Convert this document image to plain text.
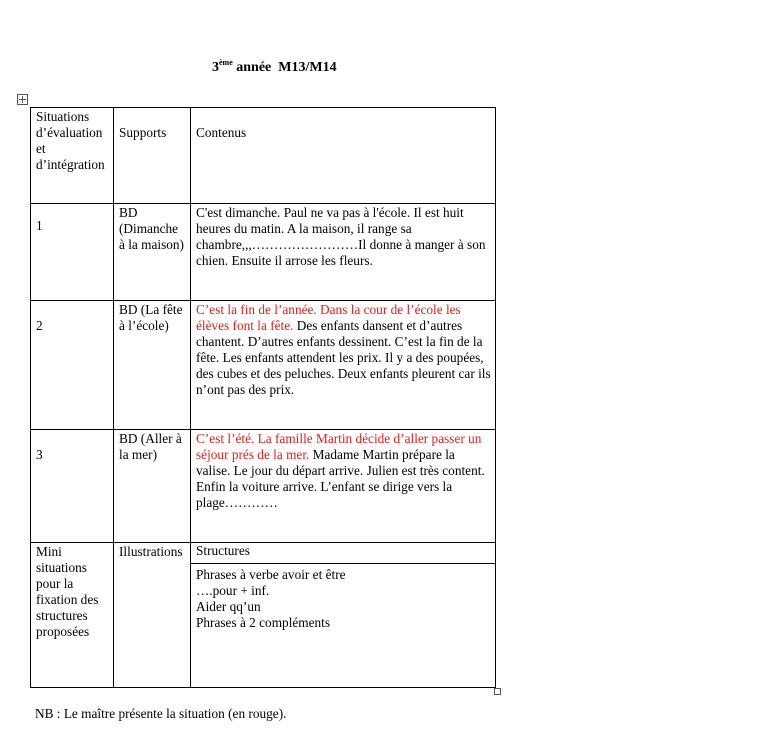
3ème année  M13/M14
Situations d’évaluation et d’intégration	Supports	Contenus
1	BD (Dimanche à la maison)	C'est dimanche. Paul ne va pas à l'école. Il est huit heures du matin. A la maison, il range sa chambre,,,……………………Il donne à manger à son chien. Ensuite il arrose les fleurs.
2	BD (La fête à l’école)	C’est la fin de l’année. Dans la cour de l’école les élèves font la fête. Des enfants dansent et d’autres chantent. D’autres enfants dessinent. C’est la fin de la fête. Les enfants attendent les prix. Il y a des poupées, des cubes et des peluches. Deux enfants pleurent car ils n’ont pas des prix.
3	BD (Aller à la mer)	C’est l’été. La famille Martin décide d’aller passer un séjour prés de la mer. Madame Martin prépare la valise. Le jour du départ arrive. Julien est très content. Enfin la voiture arrive. L’enfant se dirige vers la plage…………
Mini situations pour la fixation des structures proposées	Illustrations	Structures
Phrases à verbe avoir et être
….pour + inf.
Aider qq’un
Phrases à 2 compléments
NB : Le maître présente la situation (en rouge).
